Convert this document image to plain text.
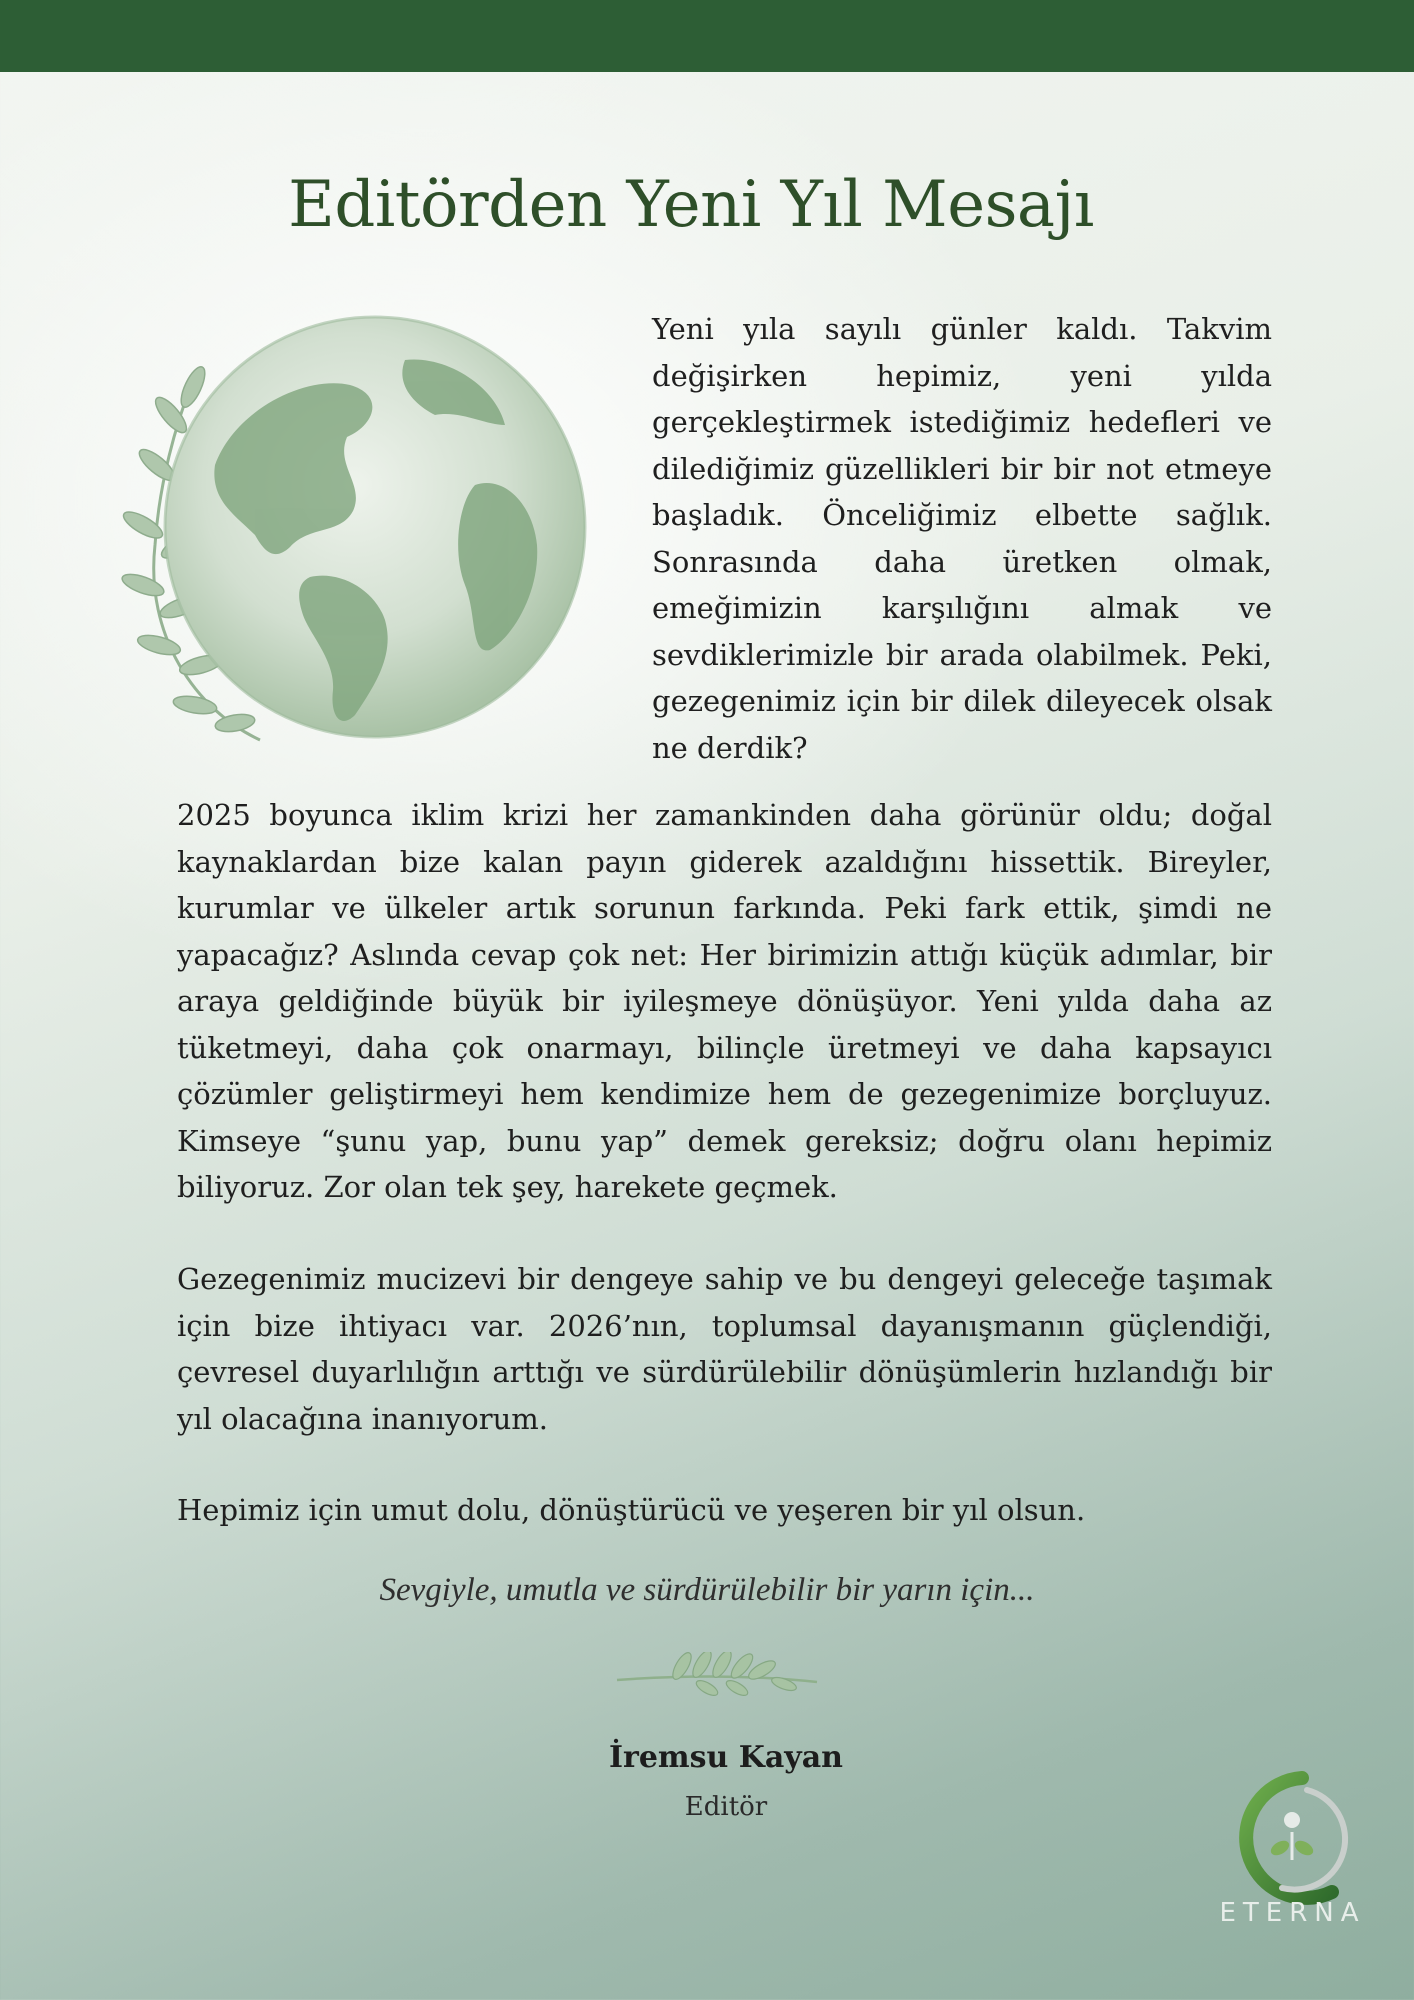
Editörden Yeni Yıl Mesajı
Yeni yıla sayılı günler kaldı. Takvim değişirken hepimiz, yeni yılda gerçekleştirmek istediğimiz hedefleri ve dilediğimiz güzellikleri bir bir not etmeye başladık. Önceliğimiz elbette sağlık. Sonrasında daha üretken olmak, emeğimizin karşılığını almak ve sevdiklerimizle bir arada olabilmek. Peki, gezegenimiz için bir dilek dileyecek olsak ne derdik?
2025 boyunca iklim krizi her zamankinden daha görünür oldu; doğal kaynaklardan bize kalan payın giderek azaldığını hissettik. Bireyler, kurumlar ve ülkeler artık sorunun farkında. Peki fark ettik, şimdi ne yapacağız? Aslında cevap çok net: Her birimizin attığı küçük adımlar, bir araya geldiğinde büyük bir iyileşmeye dönüşüyor. Yeni yılda daha az tüketmeyi, daha çok onarmayı, bilinçle üretmeyi ve daha kapsayıcı çözümler geliştirmeyi hem kendimize hem de gezegenimize borçluyuz. Kimseye “şunu yap, bunu yap” demek gereksiz; doğru olanı hepimiz biliyoruz. Zor olan tek şey, harekete geçmek.
Gezegenimiz mucizevi bir dengeye sahip ve bu dengeyi geleceğe taşımak için bize ihtiyacı var. 2026’nın, toplumsal dayanışmanın güçlendiği, çevresel duyarlılığın arttığı ve sürdürülebilir dönüşümlerin hızlandığı bir yıl olacağına inanıyorum.
Hepimiz için umut dolu, dönüştürücü ve yeşeren bir yıl olsun.
Sevgiyle, umutla ve sürdürülebilir bir yarın için...
İremsu Kayan
Editör
ETERNA
